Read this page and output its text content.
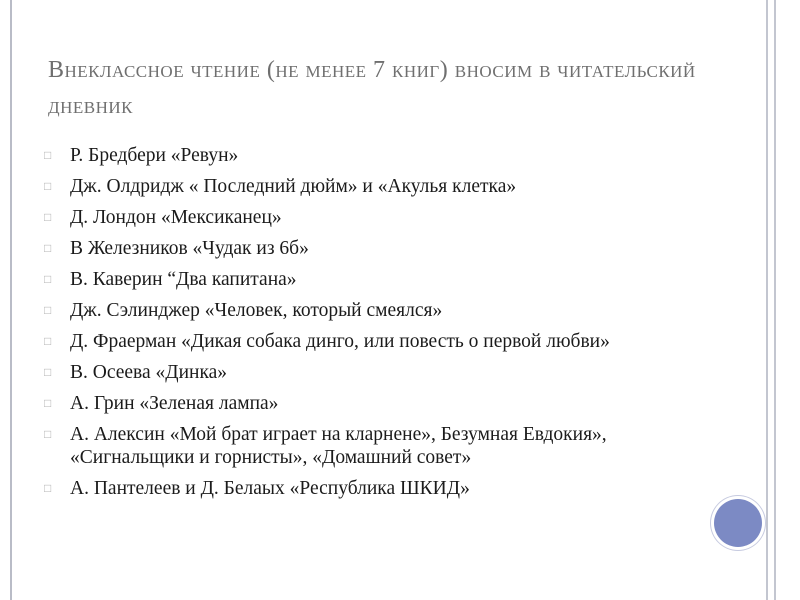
Внеклассное чтение (не менее 7 книг) вносим в читательский дневник
□ Р. Бредбери «Ревун»
□ Дж. Олдридж « Последний дюйм» и «Акулья клетка»
□ Д. Лондон «Мексиканец»
□ В Железников «Чудак из 6б»
□ В. Каверин “Два капитана»
□ Дж. Сэлинджер «Человек, который смеялся»
□ Д. Фраерман «Дикая собака динго, или повесть о первой любви»
□ В. Осеева «Динка»
□ А. Грин «Зеленая лампа»
□ А. Алексин «Мой брат играет на кларнене», Безумная Евдокия», «Сигнальщики и горнисты», «Домашний совет»
□ А. Пантелеев и Д. Белаых «Республика ШКИД»
